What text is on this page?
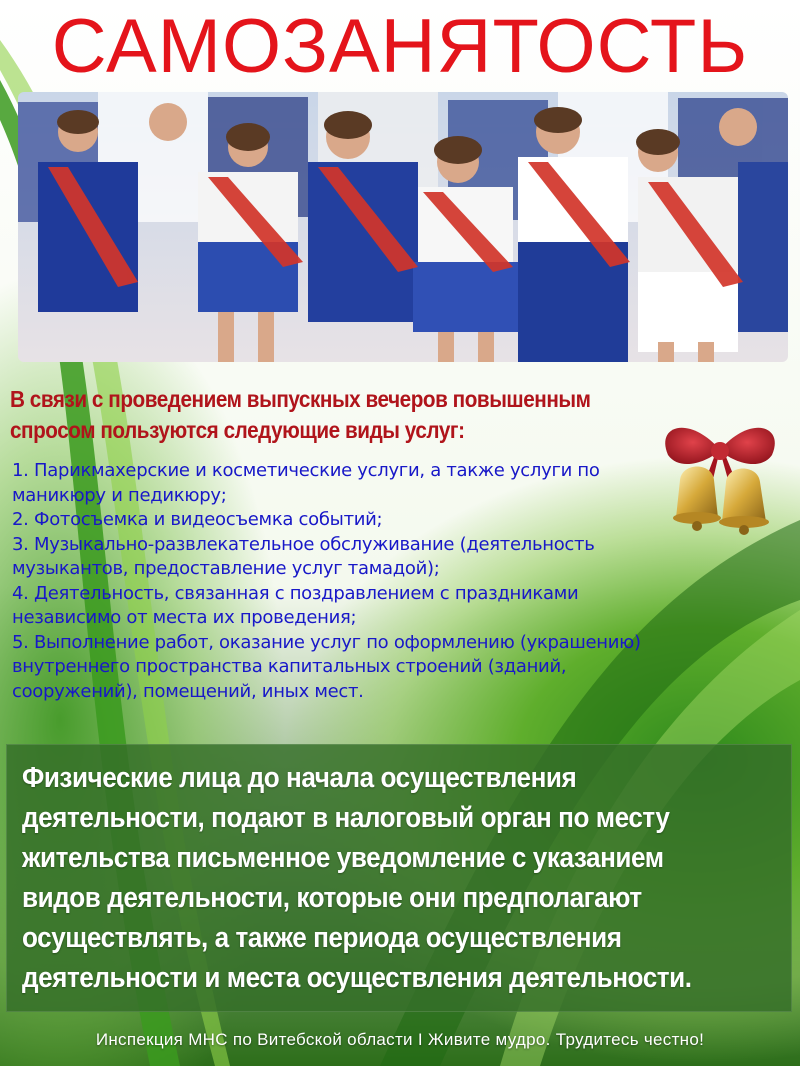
САМОЗАНЯТОСТЬ
В связи с проведением выпускных вечеров повышенным
спросом пользуются следующие виды услуг:
1. Парикмахерские и косметические услуги, а также услуги по
маникюру и педикюру;
2. Фотосъемка и видеосъемка событий;
3. Музыкально-развлекательное обслуживание (деятельность
музыкантов, предоставление услуг тамадой);
4. Деятельность, связанная с поздравлением с праздниками
независимо от места их проведения;
5. Выполнение работ, оказание услуг по оформлению (украшению)
внутреннего пространства капитальных строений (зданий,
сооружений), помещений, иных мест.
Физические лица до начала осуществления
деятельности, подают в налоговый орган по месту
жительства письменное уведомление с указанием
видов деятельности, которые они предполагают
осуществлять, а также периода осуществления
деятельности и места осуществления деятельности.
Инспекция МНС по Витебской области I Живите мудро. Трудитесь честно!
